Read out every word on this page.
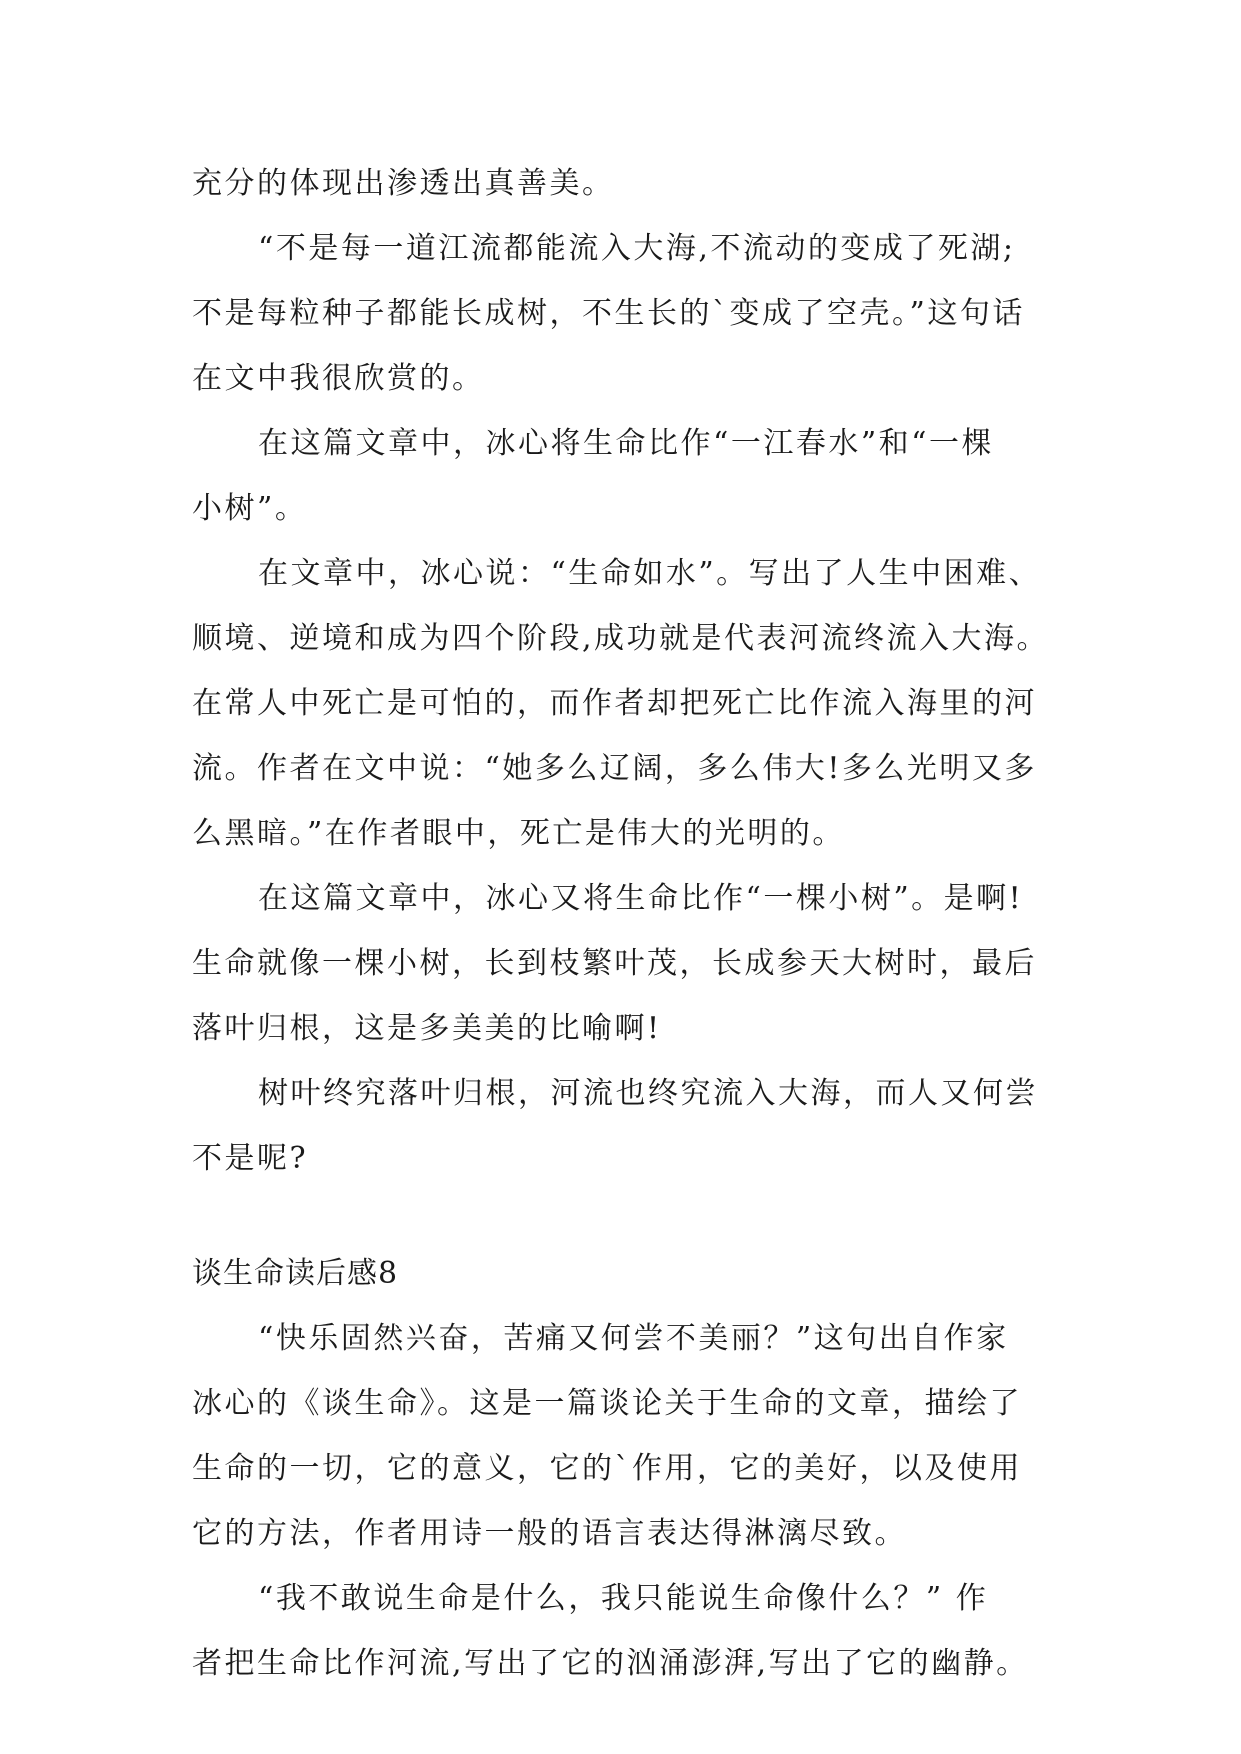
充分的体现出渗透出真善美。
“不是每一道江流都能流入大海,不流动的变成了死湖;
不是每粒种子都能长成树，不生长的`变成了空壳。”这句话
在文中我很欣赏的。
在这篇文章中，冰心将生命比作“一江春水”和“一棵
小树”。
在文章中，冰心说：“生命如水”。写出了人生中困难、
顺境、逆境和成为四个阶段,成功就是代表河流终流入大海。
在常人中死亡是可怕的，而作者却把死亡比作流入海里的河
流。作者在文中说：“她多么辽阔，多么伟大!多么光明又多
么黑暗。”在作者眼中，死亡是伟大的光明的。
在这篇文章中，冰心又将生命比作“一棵小树”。是啊!
生命就像一棵小树，长到枝繁叶茂，长成参天大树时，最后
落叶归根，这是多美美的比喻啊!
树叶终究落叶归根，河流也终究流入大海，而人又何尝
不是呢?
谈生命读后感8
“快乐固然兴奋，苦痛又何尝不美丽？”这句出自作家
冰心的《谈生命》。这是一篇谈论关于生命的文章，描绘了
生命的一切，它的意义，它的`作用，它的美好，以及使用
它的方法，作者用诗一般的语言表达得淋漓尽致。
“我不敢说生命是什么，我只能说生命像什么？” 作
者把生命比作河流,写出了它的汹涌澎湃,写出了它的幽静。
